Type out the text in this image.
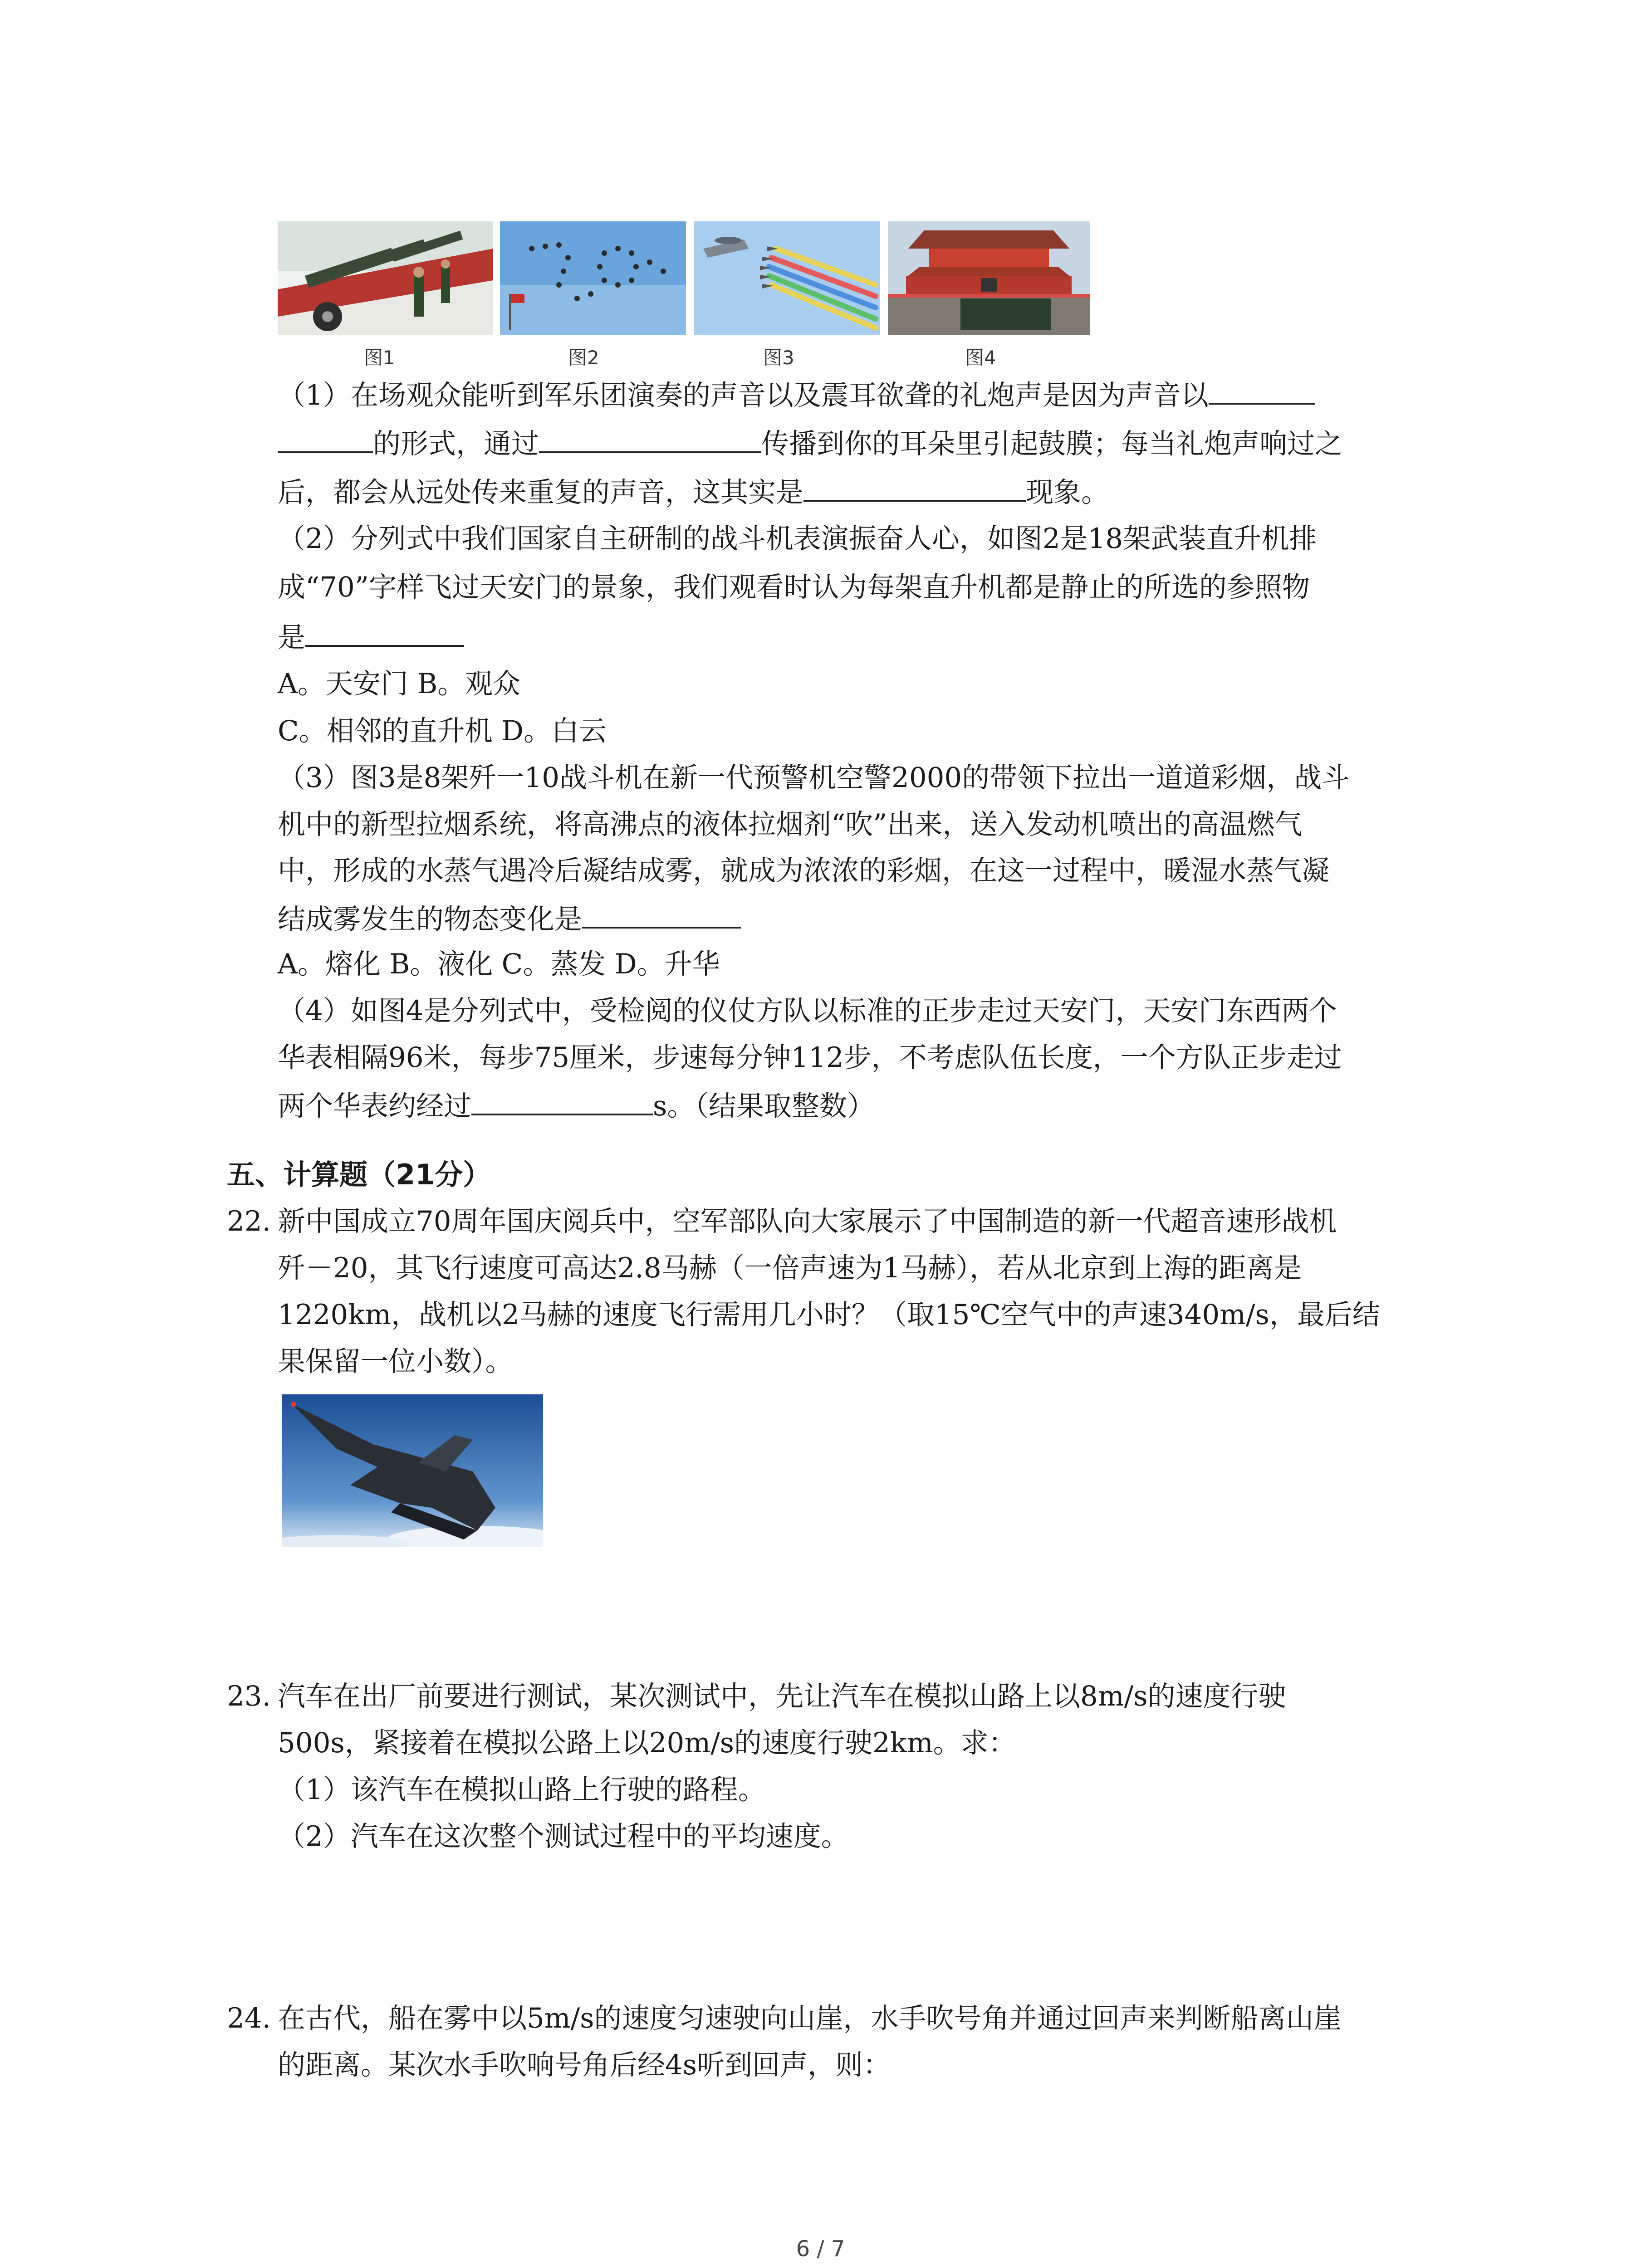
图1	图2	图3	图4
（1）在场观众能听到军乐团演奏的声音以及震耳欲聋的礼炮声是因为声音以
的形式，通过	传播到你的耳朵里引起鼓膜；每当礼炮声响过之
后，都会从远处传来重复的声音，这其实是	现象。
（2）分列式中我们国家自主研制的战斗机表演振奋人心，如图2是18架武装直升机排
成“70”字样飞过天安门的景象，我们观看时认为每架直升机都是静止的所选的参照物
是
A。天安门 B。观众
C。相邻的直升机 D。白云
（3）图3是8架歼一10战斗机在新一代预警机空警2000的带领下拉出一道道彩烟，战斗
机中的新型拉烟系统，将高沸点的液体拉烟剂“吹”出来，送入发动机喷出的高温燃气
中，形成的水蒸气遇冷后凝结成雾，就成为浓浓的彩烟，在这一过程中，暖湿水蒸气凝
结成雾发生的物态变化是
A。熔化 B。液化 C。蒸发 D。升华
（4）如图4是分列式中，受检阅的仪仗方队以标准的正步走过天安门，天安门东西两个
华表相隔96米，每步75厘米，步速每分钟112步，不考虑队伍长度，一个方队正步走过
两个华表约经过	s。（结果取整数）
五、计算题（21分）
22. 新中国成立70周年国庆阅兵中，空军部队向大家展示了中国制造的新一代超音速形战机
歼－20，其飞行速度可高达2.8马赫（一倍声速为1马赫），若从北京到上海的距离是
1220km，战机以2马赫的速度飞行需用几小时？（取15℃空气中的声速340m/s，最后结
果保留一位小数）。
23. 汽车在出厂前要进行测试，某次测试中，先让汽车在模拟山路上以8m/s的速度行驶
500s，紧接着在模拟公路上以20m/s的速度行驶2km。求：
（1）该汽车在模拟山路上行驶的路程。
（2）汽车在这次整个测试过程中的平均速度。
24. 在古代，船在雾中以5m/s的速度匀速驶向山崖，水手吹号角并通过回声来判断船离山崖
的距离。某次水手吹响号角后经4s听到回声，则：
6 / 7
